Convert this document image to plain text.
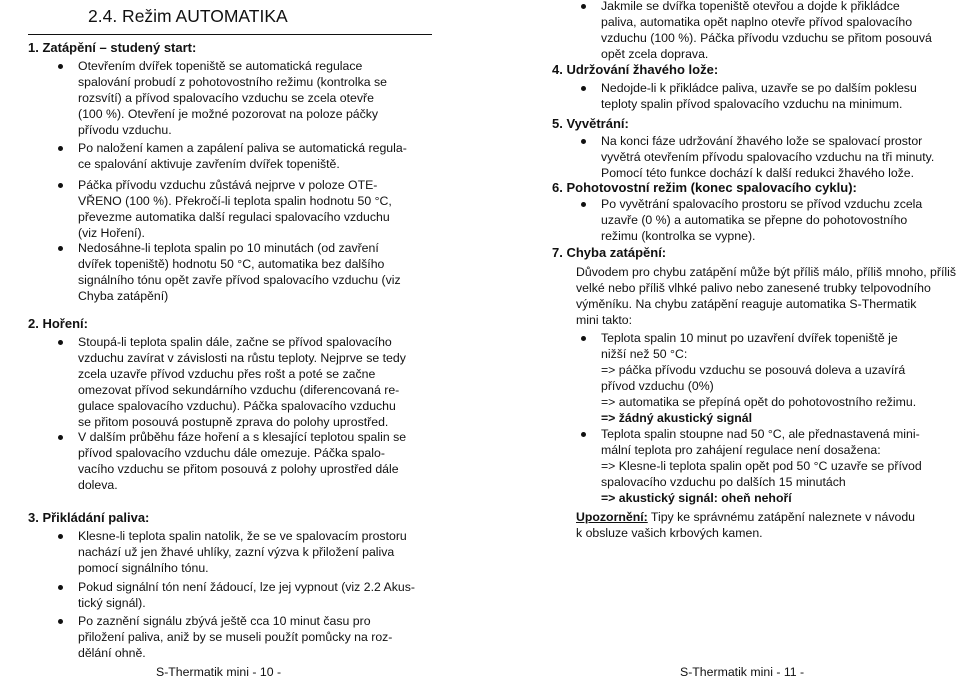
2.4. Režim AUTOMATIKA
1. Zatápění – studený start:
Otevřením dvířek topeniště se automatická regulace
spalování probudí z pohotovostního režimu (kontrolka se
rozsvítí) a přívod spalovacího vzduchu se zcela otevře
(100 %). Otevření je možné pozorovat na poloze páčky
přívodu vzduchu.
Po naložení kamen a zapálení paliva se automatická regula-
ce spalování aktivuje zavřením dvířek topeniště.
Páčka přívodu vzduchu zůstává nejprve v poloze OTE-
VŘENO (100 %). Překročí-li teplota spalin hodnotu 50 °C,
převezme automatika další regulaci spalovacího vzduchu
(viz Hoření).
Nedosáhne-li teplota spalin po 10 minutách (od zavření
dvířek topeniště) hodnotu 50 °C, automatika bez dalšího
signálního tónu opět zavře přívod spalovacího vzduchu (viz
Chyba zatápění)
2. Hoření:
Stoupá-li teplota spalin dále, začne se přívod spalovacího
vzduchu zavírat v závislosti na růstu teploty. Nejprve se tedy
zcela uzavře přívod vzduchu přes rošt a poté se začne
omezovat přívod sekundárního vzduchu (diferencovaná re-
gulace spalovacího vzduchu). Páčka spalovacího vzduchu
se přitom posouvá postupně zprava do polohy uprostřed.
V dalším průběhu fáze hoření a s klesající teplotou spalin se
přívod spalovacího vzduchu dále omezuje. Páčka spalo-
vacího vzduchu se přitom posouvá z polohy uprostřed dále
doleva.
3. Přikládání paliva:
Klesne-li teplota spalin natolik, že se ve spalovacím prostoru
nachází už jen žhavé uhlíky, zazní výzva k přiložení paliva
pomocí signálního tónu.
Pokud signální tón není žádoucí, lze jej vypnout (viz 2.2 Akus-
tický signál).
Po zaznění signálu zbývá ještě cca 10 minut času pro
přiložení paliva, aniž by se museli použít pomůcky na roz-
dělání ohně.
S-Thermatik mini - 10 -
Jakmile se dvířka topeniště otevřou a dojde k přikládce
paliva, automatika opět naplno otevře přívod spalovacího
vzduchu (100 %). Páčka přívodu vzduchu se přitom posouvá
opět zcela doprava.
4. Udržování žhavého lože:
Nedojde-li k přikládce paliva, uzavře se po dalším poklesu
teploty spalin přívod spalovacího vzduchu na minimum.
5. Vyvětrání:
Na konci fáze udržování žhavého lože se spalovací prostor
vyvětrá otevřením přívodu spalovacího vzduchu na tři minuty.
Pomocí této funkce dochází k další redukci žhavého lože.
6. Pohotovostní režim (konec spalovacího cyklu):
Po vyvětrání spalovacího prostoru se přívod vzduchu zcela
uzavře (0 %) a automatika se přepne do pohotovostního
režimu (kontrolka se vypne).
7. Chyba zatápění:
Důvodem pro chybu zatápění může být příliš málo, příliš mnoho, příliš
velké nebo příliš vlhké palivo nebo zanesené trubky telpovodního
výměníku. Na chybu zatápění reaguje automatika S-Thermatik
mini takto:
Teplota spalin 10 minut po uzavření dvířek topeniště je
nižší než 50 °C:
=> páčka přívodu vzduchu se posouvá doleva a uzavírá
přívod vzduchu (0%)
=> automatika se přepíná opět do pohotovostního režimu.
=> žádný akustický signál
Teplota spalin stoupne nad 50 °C, ale přednastavená mini-
mální teplota pro zahájení regulace není dosažena:
=> Klesne-li teplota spalin opět pod 50 °C uzavře se přívod
spalovacího vzduchu po dalších 15 minutách
=> akustický signál: oheň nehoří
Upozornění: Tipy ke správnému zatápění naleznete v návodu
k obsluze vašich krbových kamen.
S-Thermatik mini - 11 -
